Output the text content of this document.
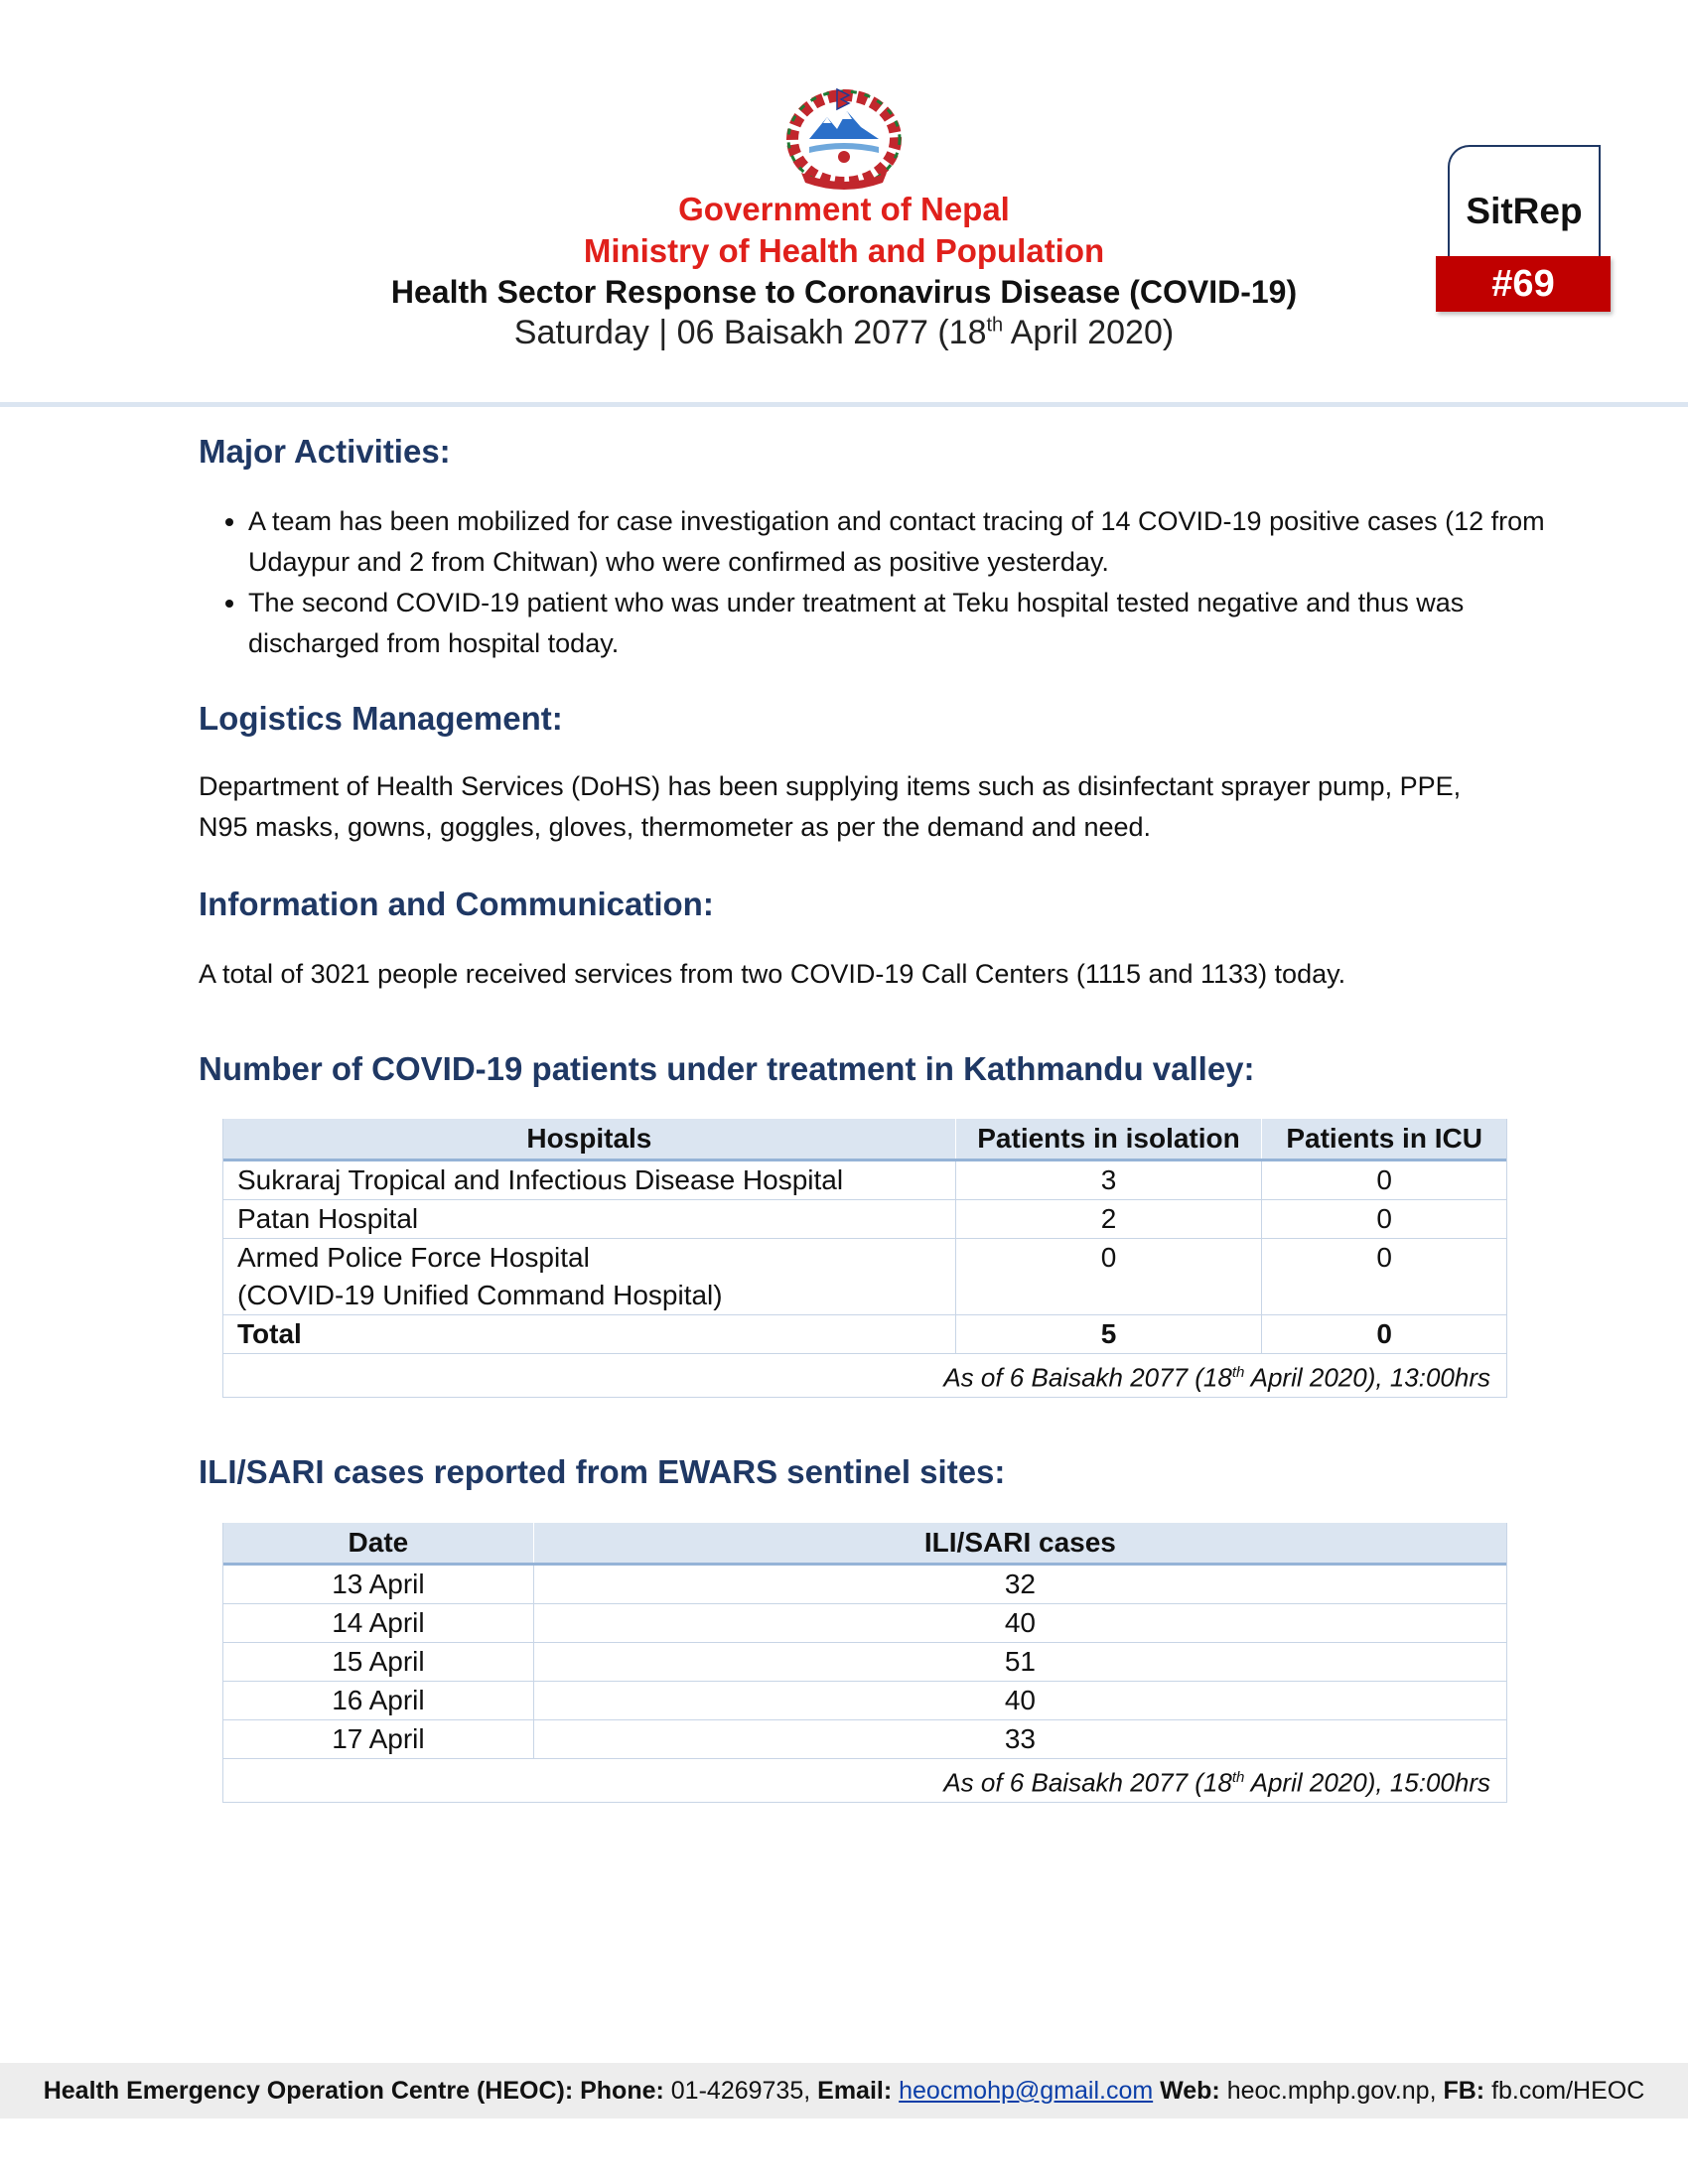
Government of Nepal
Ministry of Health and Population
Health Sector Response to Coronavirus Disease (COVID-19)
Saturday | 06 Baisakh 2077 (18th April 2020)
SitRep
#69
Major Activities:
• A team has been mobilized for case investigation and contact tracing of 14 COVID-19 positive cases (12 from Udaypur and 2 from Chitwan) who were confirmed as positive yesterday.
• The second COVID-19 patient who was under treatment at Teku hospital tested negative and thus was discharged from hospital today.
Logistics Management:
Department of Health Services (DoHS) has been supplying items such as disinfectant sprayer pump, PPE, N95 masks, gowns, goggles, gloves, thermometer as per the demand and need.
Information and Communication:
A total of 3021 people received services from two COVID-19 Call Centers (1115 and 1133) today.
Number of COVID-19 patients under treatment in Kathmandu valley:
Hospitals	Patients in isolation	Patients in ICU
Sukraraj Tropical and Infectious Disease Hospital	3	0
Patan Hospital	2	0

Armed Police Force Hospital
(COVID-19 Unified Command Hospital)	0	0
Total	5	0
As of 6 Baisakh 2077 (18th April 2020), 13:00hrs		
ILI/SARI cases reported from EWARS sentinel sites:
Date	ILI/SARI cases
13 April	32
14 April	40
15 April	51
16 April	40
17 April	33
As of 6 Baisakh 2077 (18th April 2020), 15:00hrs	
Health Emergency Operation Centre (HEOC): Phone: 01-4269735, Email: heocmohp@gmail.com Web: heoc.mphp.gov.np, FB: fb.com/HEOC
